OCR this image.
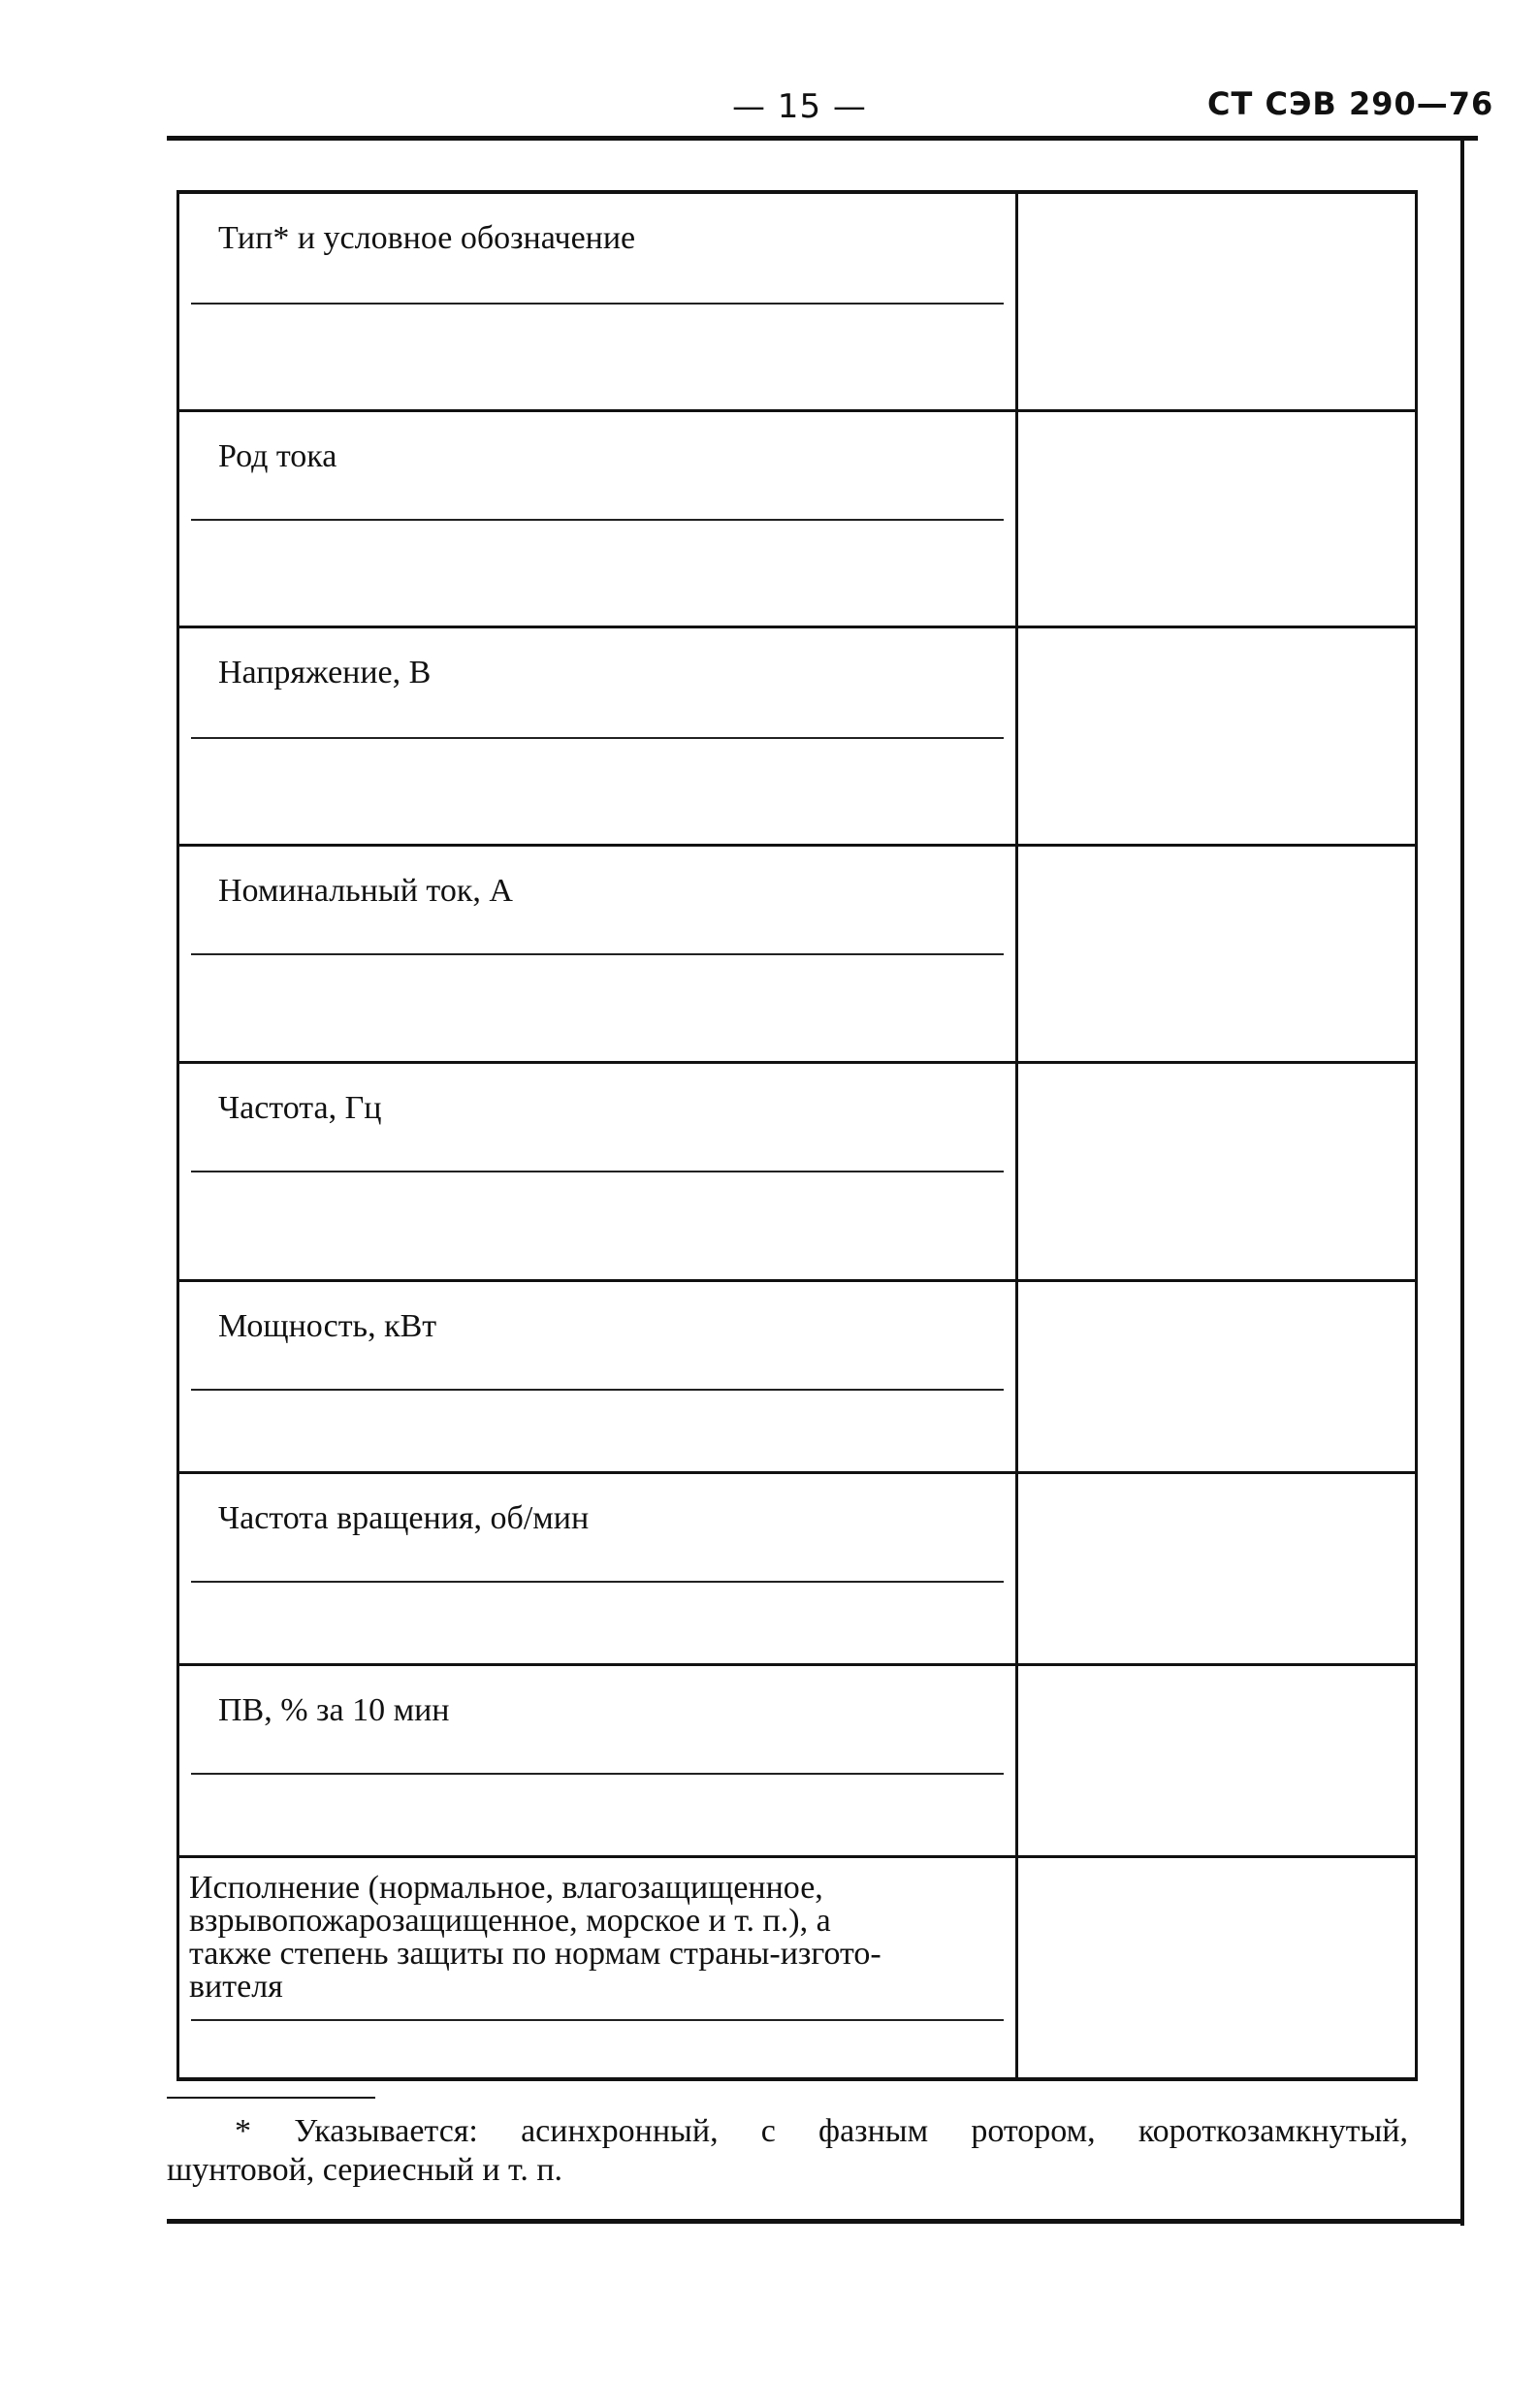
— 15 —	СТ СЭВ 290—76
Тип* и условное обозначение
Род тока
Напряжение, В
Номинальный ток, А
Частота, Гц
Мощность, кВт
Частота вращения, об/мин
ПВ, % за 10 мин
Исполнение (нормальное, влагозащищенное,
взрывопожарозащищенное, морское и т. п.), а
также степень защиты по нормам страны-изгото-
вителя
* Указывается: асинхронный, с фазным ротором, короткозамкнутый,
шунтовой, сериесный и т. п.
